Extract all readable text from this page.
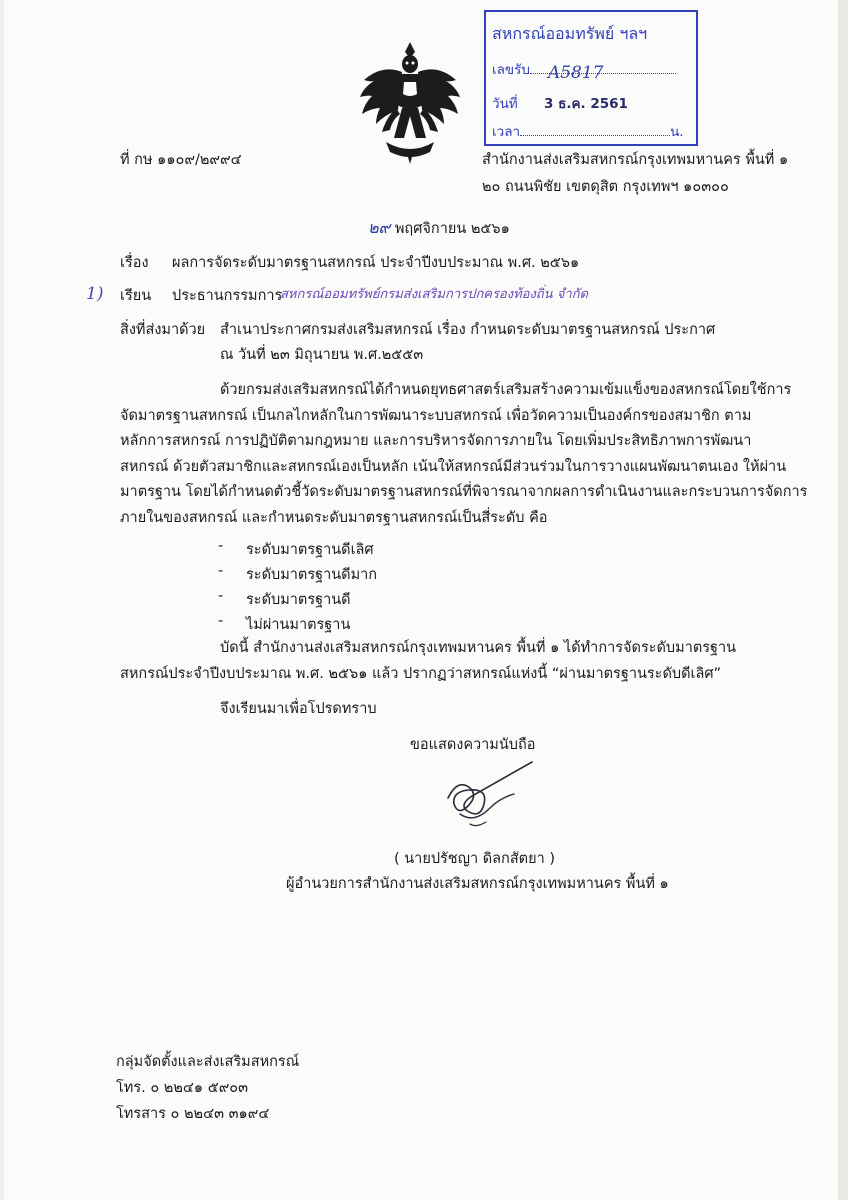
สหกรณ์ออมทรัพย์ ฯลฯ
เลขรับ A5817
วันที่ 3 ธ.ค. 2561
เวลา	น.
ที่ กษ ๑๑๐๙/๒๙๙๔	สำนักงานส่งเสริมสหกรณ์กรุงเทพมหานคร พื้นที่ ๑
๒๐ ถนนพิชัย เขตดุสิต กรุงเทพฯ ๑๐๓๐๐
๒๙ พฤศจิกายน ๒๕๖๑
เรื่อง ผลการจัดระดับมาตรฐานสหกรณ์ ประจำปีงบประมาณ พ.ศ. ๒๕๖๑
1) เรียน ประธานกรรมการ
สหกรณ์ออมทรัพย์กรมส่งเสริมการปกครองท้องถิ่น จำกัด
สิ่งที่ส่งมาด้วย สำเนาประกาศกรมส่งเสริมสหกรณ์ เรื่อง กำหนดระดับมาตรฐานสหกรณ์ ประกาศ
ณ วันที่ ๒๓ มิถุนายน พ.ศ.๒๕๕๓
ด้วยกรมส่งเสริมสหกรณ์ได้กำหนดยุทธศาสตร์เสริมสร้างความเข้มแข็งของสหกรณ์โดยใช้การ
จัดมาตรฐานสหกรณ์ เป็นกลไกหลักในการพัฒนาระบบสหกรณ์ เพื่อวัดความเป็นองค์กรของสมาชิก ตาม
หลักการสหกรณ์ การปฏิบัติตามกฎหมาย และการบริหารจัดการภายใน โดยเพิ่มประสิทธิภาพการพัฒนา
สหกรณ์ ด้วยตัวสมาชิกและสหกรณ์เองเป็นหลัก เน้นให้สหกรณ์มีส่วนร่วมในการวางแผนพัฒนาตนเอง ให้ผ่าน
มาตรฐาน โดยได้กำหนดตัวชี้วัดระดับมาตรฐานสหกรณ์ที่พิจารณาจากผลการดำเนินงานและกระบวนการจัดการ
ภายในของสหกรณ์ และกำหนดระดับมาตรฐานสหกรณ์เป็นสี่ระดับ คือ
- ระดับมาตรฐานดีเลิศ
- ระดับมาตรฐานดีมาก
- ระดับมาตรฐานดี
- ไม่ผ่านมาตรฐาน
บัดนี้ สำนักงานส่งเสริมสหกรณ์กรุงเทพมหานคร พื้นที่ ๑ ได้ทำการจัดระดับมาตรฐาน
สหกรณ์ประจำปีงบประมาณ พ.ศ. ๒๕๖๑ แล้ว ปรากฏว่าสหกรณ์แห่งนี้ “ผ่านมาตรฐานระดับดีเลิศ”
จึงเรียนมาเพื่อโปรดทราบ
ขอแสดงความนับถือ
( นายปรัชญา ดิลกสัตยา )
ผู้อำนวยการสำนักงานส่งเสริมสหกรณ์กรุงเทพมหานคร พื้นที่ ๑
กลุ่มจัดตั้งและส่งเสริมสหกรณ์
โทร. ๐ ๒๒๔๑ ๕๙๐๓
โทรสาร ๐ ๒๒๔๓ ๓๑๙๔
